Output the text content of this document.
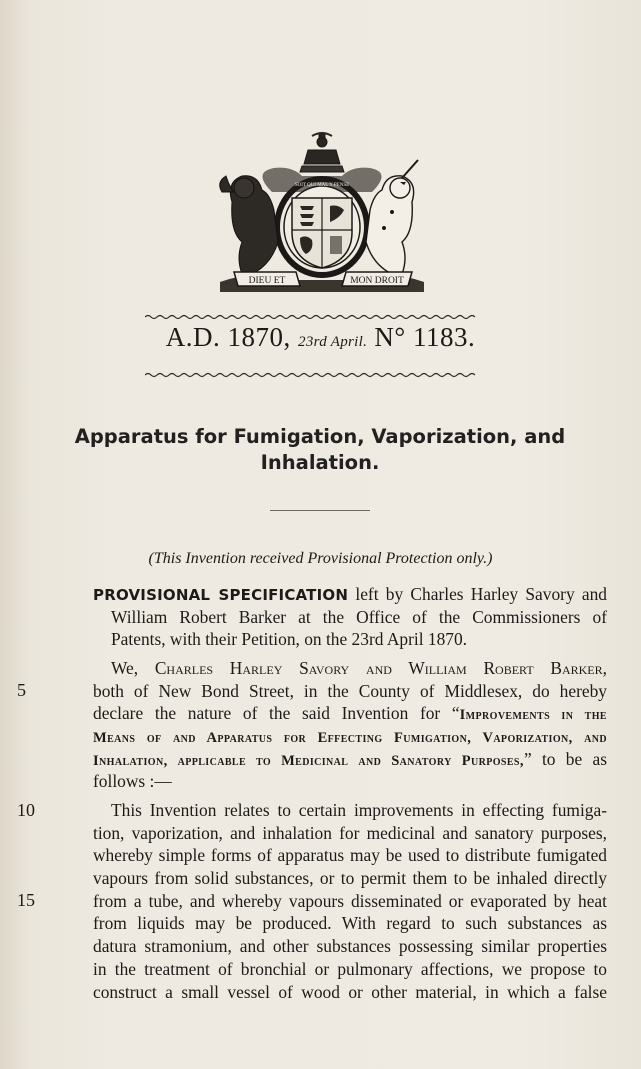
DIEU ET	MON DROIT
SOIT QUI MAL Y PENSE
A.D. 1870, 23rd April. N° 1183.
Apparatus for Fumigation, Vaporization, and
Inhalation.
(This Invention received Provisional Protection only.)
PROVISIONAL SPECIFICATION left by Charles Harley Savory and
William Robert Barker at the Office of the Commissioners of
Patents, with their Petition, on the 23rd April 1870.
We, Charles Harley Savory and William Robert Barker,
both of New Bond Street, in the County of Middlesex, do hereby
declare the nature of the said Invention for “Improvements in the
Means of and Apparatus for Effecting Fumigation, Vaporization, and
Inhalation, applicable to Medicinal and Sanatory Purposes,” to be as
follows :—
This Invention relates to certain improvements in effecting fumiga-
tion, vaporization, and inhalation for medicinal and sanatory purposes,
whereby simple forms of apparatus may be used to distribute fumigated
vapours from solid substances, or to permit them to be inhaled directly
from a tube, and whereby vapours disseminated or evaporated by heat
from liquids may be produced. With regard to such substances as
datura stramonium, and other substances possessing similar properties
in the treatment of bronchial or pulmonary affections, we propose to
construct a small vessel of wood or other material, in which a false
5
10
15
